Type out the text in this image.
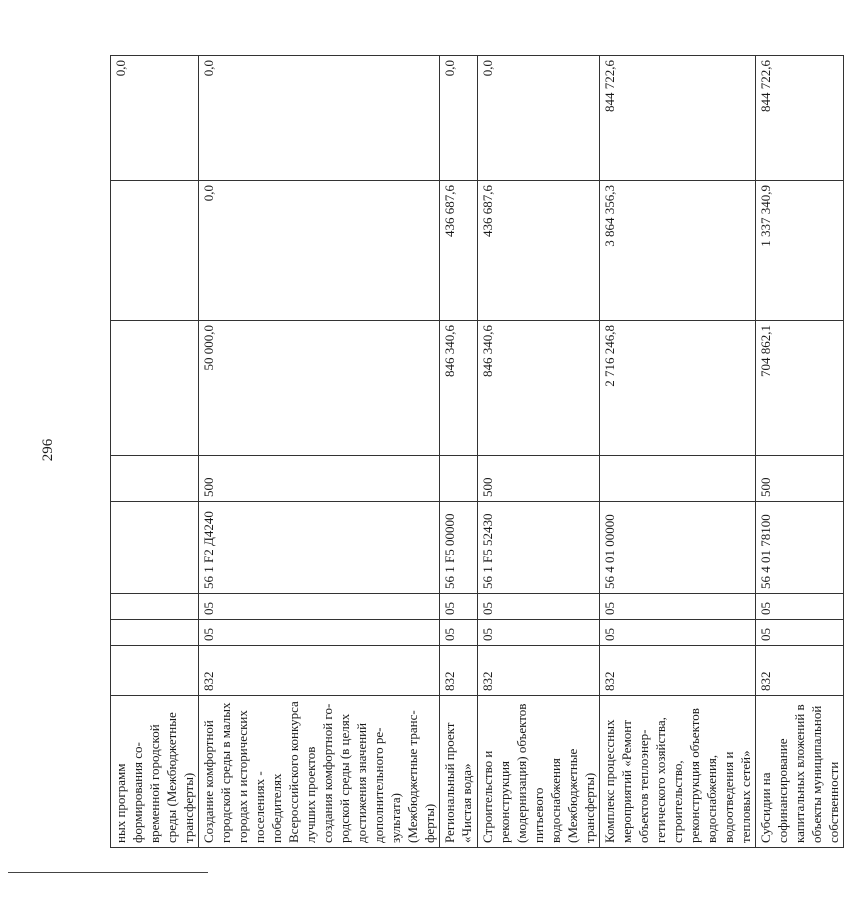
296
ных программ формирования современной городской среды (Межбюджетные трансферты)								0,0
Создание комфортной городской среды в малых городах и исторических поселениях - победителях Всероссийского конкурса лучших проектов создания комфортной городской среды (в целях достижения значений дополнительного результата) (Межбюджетные трансферты)	832	05	05	56 1 F2 Д4240	500	50 000,0	0,0	0,0
Региональный проект «Чистая вода»	832	05	05	56 1 F5 00000		846 340,6	436 687,6	0,0
Строительство и реконструкция (модернизация) объектов питьевого водоснабжения (Межбюджетные трансферты)	832	05	05	56 1 F5 52430	500	846 340,6	436 687,6	0,0
Комплекс процессных мероприятий «Ремонт объектов теплоэнергетического хозяйства, строительство, реконструкция объектов водоснабжения, водоотведения и тепловых сетей»	832	05	05	56 4 01 00000		2 716 246,8	3 864 356,3	844 722,6
Субсидии на софинансирование капитальных вложений в объекты муниципальной собственности	832	05	05	56 4 01 78100	500	704 862,1	1 337 340,9	844 722,6
